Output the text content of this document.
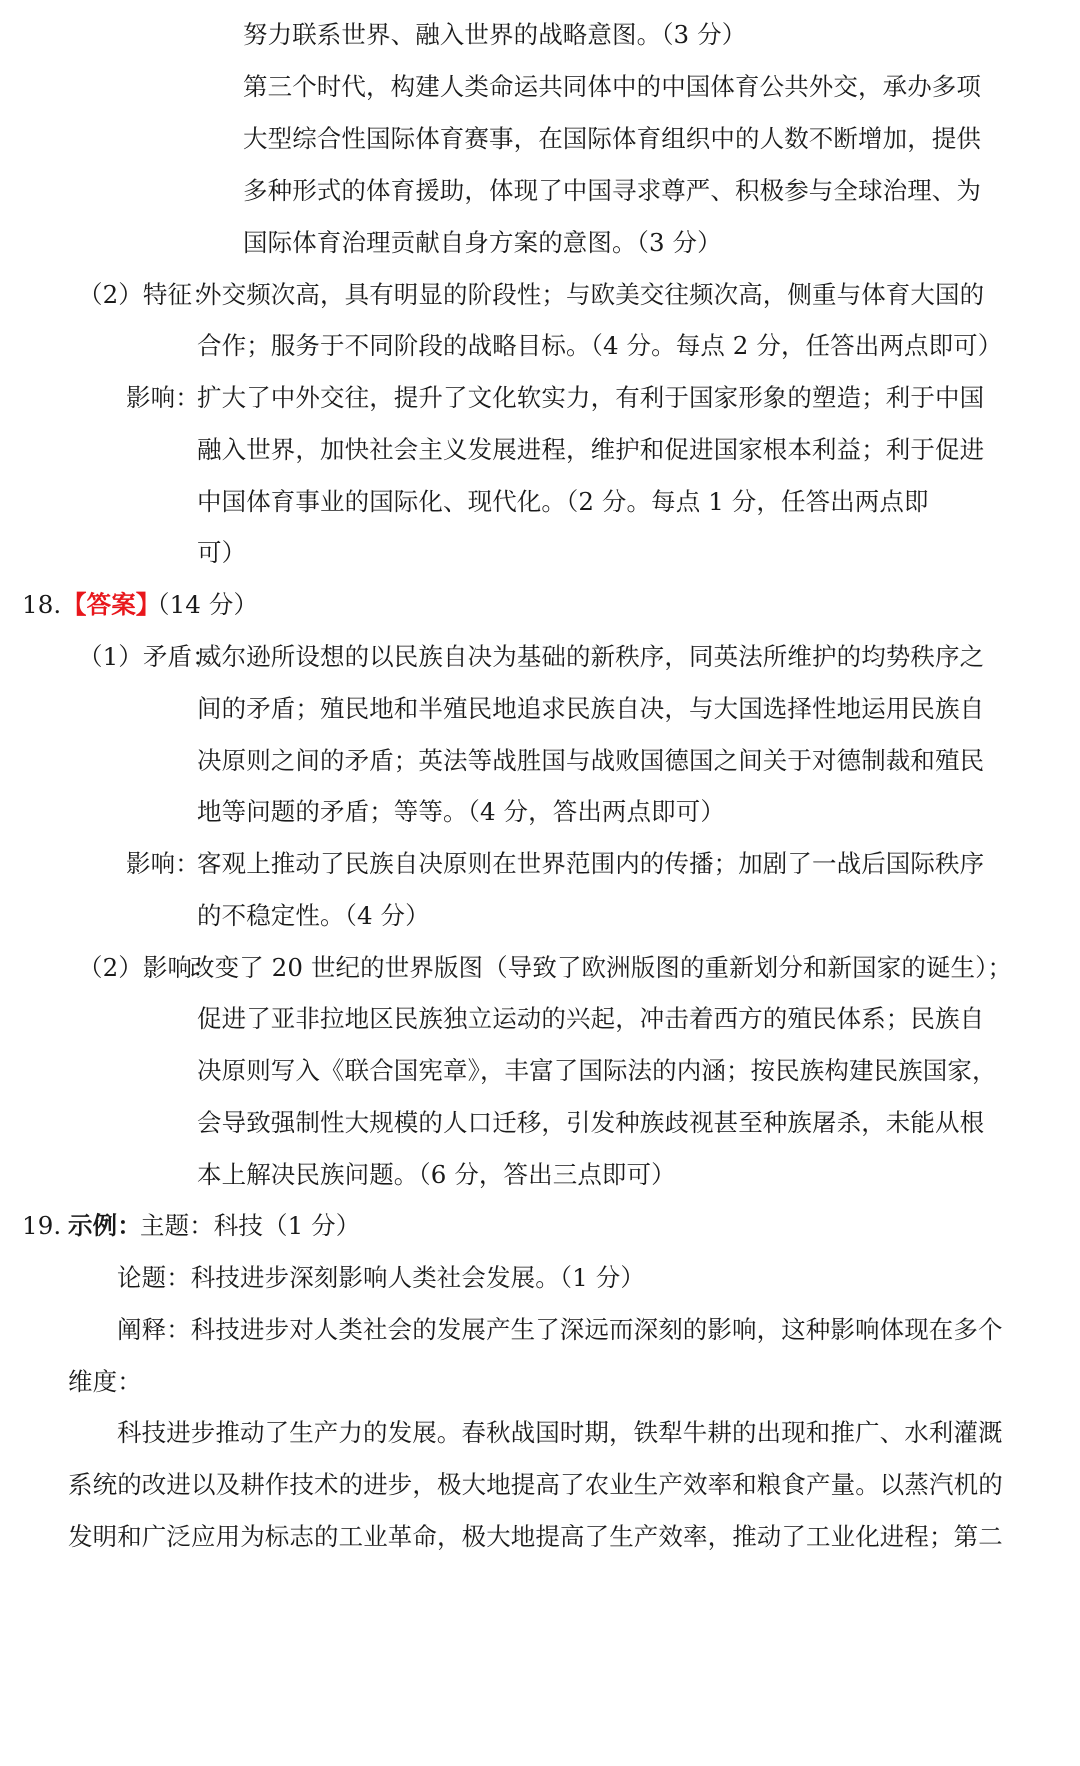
努力联系世界、融入世界的战略意图。（3 分）
第三个时代，构建人类命运共同体中的中国体育公共外交，承办多项
大型综合性国际体育赛事，在国际体育组织中的人数不断增加，提供
多种形式的体育援助，体现了中国寻求尊严、积极参与全球治理、为
国际体育治理贡献自身方案的意图。（3 分）
（2）特征：
外交频次高，具有明显的阶段性；与欧美交往频次高，侧重与体育大国的
合作；服务于不同阶段的战略目标。（4 分。每点 2 分，任答出两点即可）
影响：
扩大了中外交往，提升了文化软实力，有利于国家形象的塑造；利于中国
融入世界，加快社会主义发展进程，维护和促进国家根本利益；利于促进
中国体育事业的国际化、现代化。（2 分。每点 1 分，任答出两点即
可）
18. 【答案】
（14 分）
（1）矛盾：
威尔逊所设想的以民族自决为基础的新秩序，同英法所维护的均势秩序之
间的矛盾；殖民地和半殖民地追求民族自决，与大国选择性地运用民族自
决原则之间的矛盾；英法等战胜国与战败国德国之间关于对德制裁和殖民
地等问题的矛盾；等等。（4 分，答出两点即可）
影响：
客观上推动了民族自决原则在世界范围内的传播；加剧了一战后国际秩序
的不稳定性。（4 分）
（2）影响：
改变了 20 世纪的世界版图（导致了欧洲版图的重新划分和新国家的诞生）；
促进了亚非拉地区民族独立运动的兴起，冲击着西方的殖民体系；民族自
决原则写入《联合国宪章》，丰富了国际法的内涵；按民族构建民族国家，
会导致强制性大规模的人口迁移，引发种族歧视甚至种族屠杀，未能从根
本上解决民族问题。（6 分，答出三点即可）
19. 示例：
主题：科技（1 分）
论题：科技进步深刻影响人类社会发展。（1 分）
阐释：科技进步对人类社会的发展产生了深远而深刻的影响，这种影响体现在多个
维度：
科技进步推动了生产力的发展。春秋战国时期，铁犁牛耕的出现和推广、水利灌溉
系统的改进以及耕作技术的进步，极大地提高了农业生产效率和粮食产量。以蒸汽机的
发明和广泛应用为标志的工业革命，极大地提高了生产效率，推动了工业化进程；第二
